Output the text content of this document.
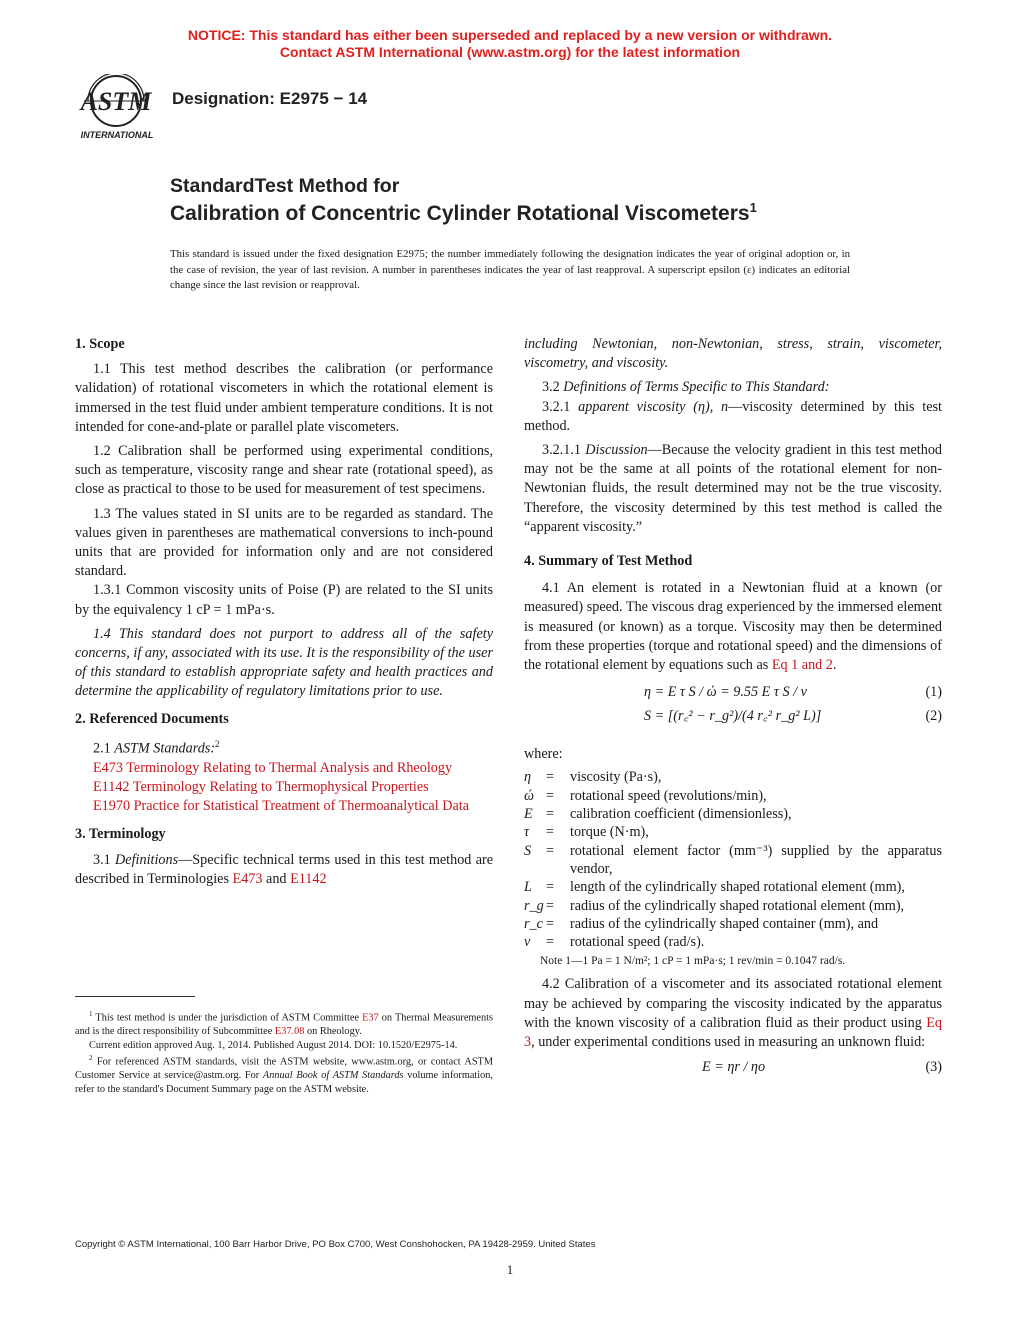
NOTICE: This standard has either been superseded and replaced by a new version or withdrawn.
Contact ASTM International (www.astm.org) for the latest information
ASTM
INTERNATIONAL
Designation: E2975 − 14
StandardTest Method for
Calibration of Concentric Cylinder Rotational Viscometers$^1$
This standard is issued under the fixed designation E2975; the number immediately following the designation indicates the year of original adoption or, in the case of revision, the year of last revision. A number in parentheses indicates the year of last reapproval. A superscript epsilon (ε) indicates an editorial change since the last revision or reapproval.

1. Scope

1.1 This test method describes the calibration (or performance validation) of rotational viscometers in which the rotational element is immersed in the test fluid under ambient temperature conditions. It is not intended for cone-and-plate or parallel plate viscometers.

1.2 Calibration shall be performed using experimental conditions, such as temperature, viscosity range and shear rate (rotational speed), as close as practical to those to be used for measurement of test specimens.

1.3 The values stated in SI units are to be regarded as standard. The values given in parentheses are mathematical conversions to inch-pound units that are provided for information only and are not considered standard.

1.3.1 Common viscosity units of Poise (P) are related to the SI units by the equivalency 1 cP = 1 mPa·s.

1.4 This standard does not purport to address all of the safety concerns, if any, associated with its use. It is the responsibility of the user of this standard to establish appropriate safety and health practices and determine the applicability of regulatory limitations prior to use.

2. Referenced Documents

2.1 ASTM Standards:$^2$

E473 Terminology Relating to Thermal Analysis and Rheology

E1142 Terminology Relating to Thermophysical Properties

E1970 Practice for Statistical Treatment of Thermoanalytical Data

3. Terminology

3.1 Definitions—Specific technical terms used in this test method are described in Terminologies E473 and E1142

$^1$ This test method is under the jurisdiction of ASTM Committee E37 on Thermal Measurements and is the direct responsibility of Subcommittee E37.08 on Rheology.

Current edition approved Aug. 1, 2014. Published August 2014. DOI: 10.1520/E2975-14.

$^2$ For referenced ASTM standards, visit the ASTM website, www.astm.org, or contact ASTM Customer Service at service@astm.org. For Annual Book of ASTM Standards volume information, refer to the standard's Document Summary page on the ASTM website.

including Newtonian, non-Newtonian, stress, strain, viscometer, viscometry, and viscosity.

3.2 Definitions of Terms Specific to This Standard:

3.2.1 apparent viscosity (η), n—viscosity determined by this test method.

3.2.1.1 Discussion—Because the velocity gradient in this test method may not be the same at all points of the rotational element for non-Newtonian fluids, the result determined may not be the true viscosity. Therefore, the viscosity determined by this test method is called the “apparent viscosity.”

4. Summary of Test Method

4.1 An element is rotated in a Newtonian fluid at a known (or measured) speed. The viscous drag experienced by the immersed element is measured (or known) as a torque. Viscosity may then be determined from these properties (torque and rotational speed) and the dimensions of the rotational element by equations such as Eq 1 and 2.

η = E τ S / ώ = 9.55 E τ S / v	(1)
S = [(r꜀² − r_g²)/(4 r꜀² r_g² L)]	(2)

where:

η	=	viscosity (Pa·s),
ώ	=	rotational speed (revolutions/min),
E	=	calibration coefficient (dimensionless),
τ	=	torque (N·m),
S	=	rotational element factor (mm⁻³) supplied by the apparatus vendor,
L	=	length of the cylindrically shaped rotational element (mm),
r_g	=	radius of the cylindrically shaped rotational element (mm),
r_c	=	radius of the cylindrically shaped container (mm), and
v	=	rotational speed (rad/s).

Note 1—1 Pa = 1 N/m²; 1 cP = 1 mPa·s; 1 rev/min = 0.1047 rad/s.

4.2 Calibration of a viscometer and its associated rotational element may be achieved by comparing the viscosity indicated by the apparatus with the known viscosity of a calibration fluid as their product using Eq 3, under experimental conditions used in measuring an unknown fluid:

E = ηr / ηo	(3)
Copyright © ASTM International, 100 Barr Harbor Drive, PO Box C700, West Conshohocken, PA 19428-2959. United States
1
